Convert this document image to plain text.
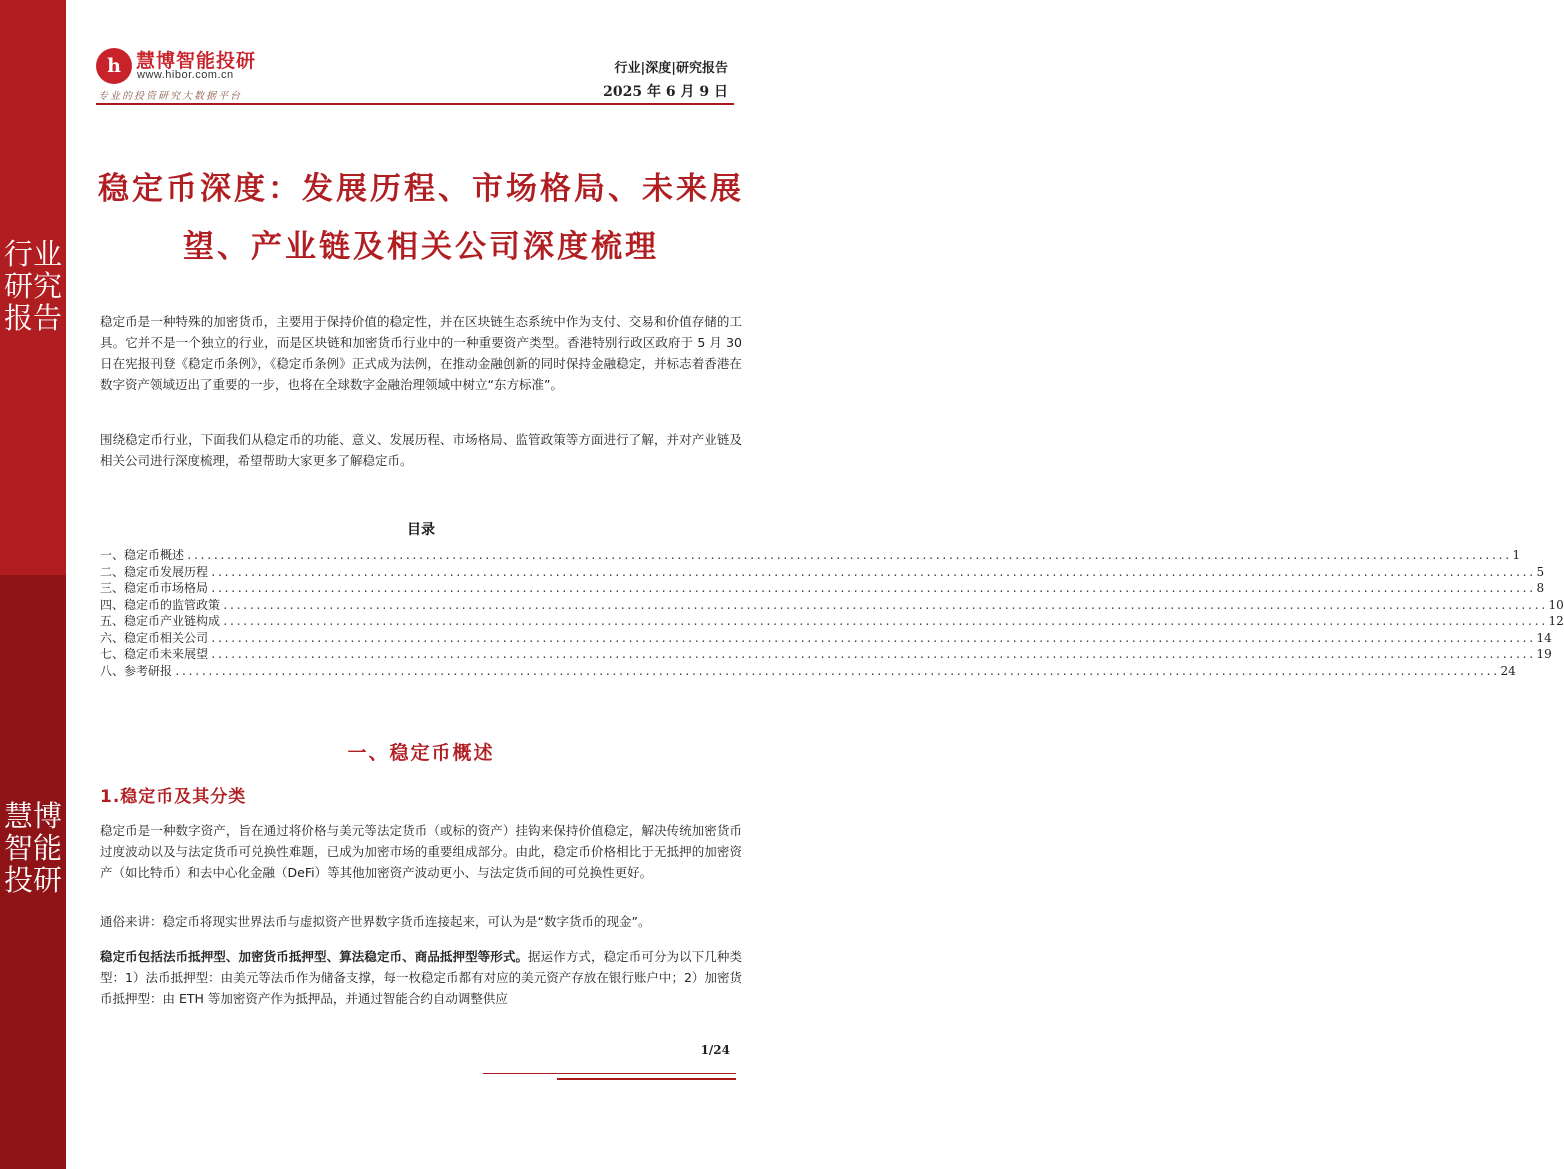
行业研究报告
慧博智能投研
h 慧博智能投研
www.hibor.com.cn
专业的投资研究大数据平台
行业|深度|研究报告
2025 年 6 月 9 日
稳定币深度：发展历程、市场格局、未来展
望、产业链及相关公司深度梳理
稳定币是一种特殊的加密货币，主要用于保持价值的稳定性，并在区块链生态系统中作为支付、交易和价值存储的工具。它并不是一个独立的行业，而是区块链和加密货币行业中的一种重要资产类型。香港特别行政区政府于 5 月 30 日在宪报刊登《稳定币条例》，《稳定币条例》正式成为法例，在推动金融创新的同时保持金融稳定，并标志着香港在数字资产领域迈出了重要的一步，也将在全球数字金融治理领域中树立“东方标准”。
围绕稳定币行业，下面我们从稳定币的功能、意义、发展历程、市场格局、监管政策等方面进行了解，并对产业链及相关公司进行深度梳理，希望帮助大家更多了解稳定币。
目录
一、稳定币概述 ........................................................................................................................................................................................................ 1
二、稳定币发展历程 ........................................................................................................................................................................................................ 5
三、稳定币市场格局 ........................................................................................................................................................................................................ 8
四、稳定币的监管政策 ........................................................................................................................................................................................................ 10
五、稳定币产业链构成 ........................................................................................................................................................................................................ 12
六、稳定币相关公司 ........................................................................................................................................................................................................ 14
七、稳定币未来展望 ........................................................................................................................................................................................................ 19
八、参考研报 ........................................................................................................................................................................................................ 24
一、稳定币概述
1.稳定币及其分类
稳定币是一种数字资产，旨在通过将价格与美元等法定货币（或标的资产）挂钩来保持价值稳定，解决传统加密货币过度波动以及与法定货币可兑换性难题，已成为加密市场的重要组成部分。由此，稳定币价格相比于无抵押的加密资产（如比特币）和去中心化金融（DeFi）等其他加密资产波动更小、与法定货币间的可兑换性更好。
通俗来讲：稳定币将现实世界法币与虚拟资产世界数字货币连接起来，可认为是“数字货币的现金”。
稳定币包括法币抵押型、加密货币抵押型、算法稳定币、商品抵押型等形式。据运作方式，稳定币可分为以下几种类型：1）法币抵押型：由美元等法币作为储备支撑，每一枚稳定币都有对应的美元资产存放在银行账户中；2）加密货币抵押型：由 ETH 等加密资产作为抵押品，并通过智能合约自动调整供应
1/24
